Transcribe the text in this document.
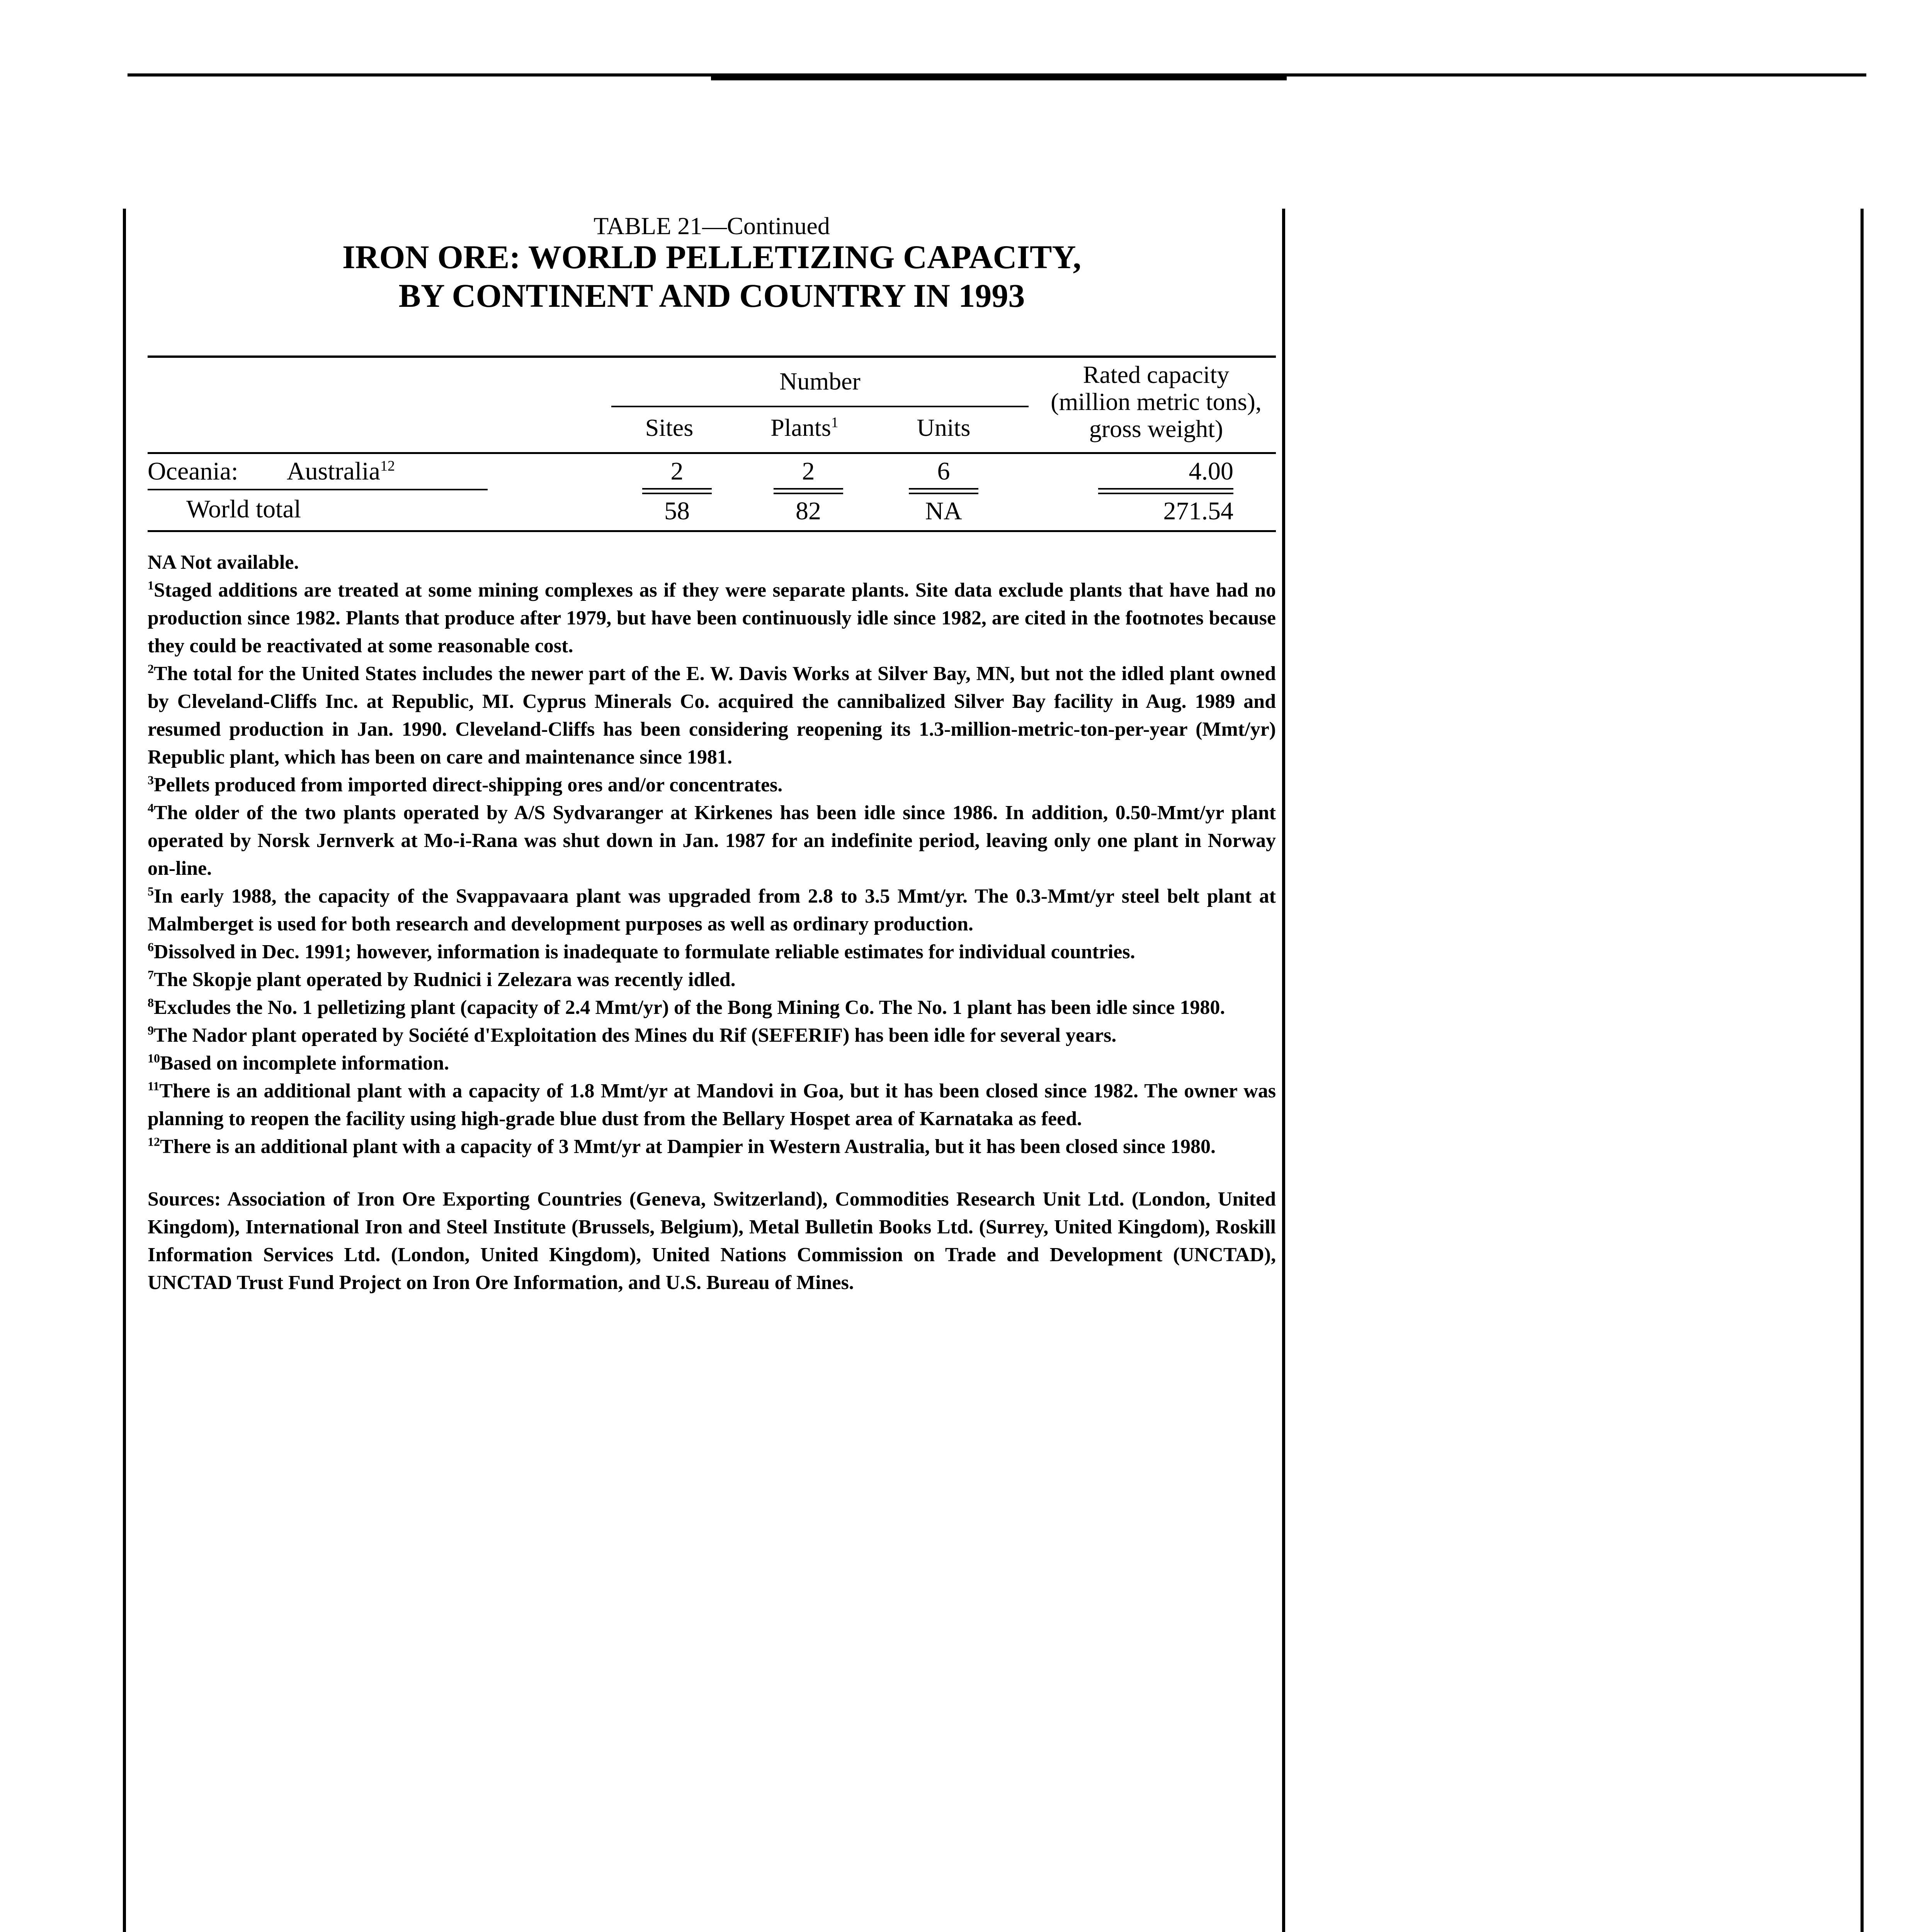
TABLE 21—Continued
IRON ORE: WORLD PELLETIZING CAPACITY,
BY CONTINENT AND COUNTRY IN 1993
Number
Sites	Plants$^1$	Units
Rated capacity
(million metric tons),
gross weight)
Oceania: Australia$^{12}$	2	2	6	4.00
World total	58	82	NA	271.54

NA Not available.

$^1$Staged additions are treated at some mining complexes as if they were separate plants. Site data exclude plants that have had no production since 1982. Plants that produce after 1979, but have been continuously idle since 1982, are cited in the footnotes because they could be reactivated at some reasonable cost.

$^2$The total for the United States includes the newer part of the E. W. Davis Works at Silver Bay, MN, but not the idled plant owned by Cleveland-Cliffs Inc. at Republic, MI. Cyprus Minerals Co. acquired the cannibalized Silver Bay facility in Aug. 1989 and resumed production in Jan. 1990. Cleveland-Cliffs has been considering reopening its 1.3-million-metric-ton-per-year (Mmt/yr) Republic plant, which has been on care and maintenance since 1981.

$^3$Pellets produced from imported direct-shipping ores and/or concentrates.

$^4$The older of the two plants operated by A/S Sydvaranger at Kirkenes has been idle since 1986. In addition, 0.50-Mmt/yr plant operated by Norsk Jernverk at Mo-i-Rana was shut down in Jan. 1987 for an indefinite period, leaving only one plant in Norway on-line.

$^5$In early 1988, the capacity of the Svappavaara plant was upgraded from 2.8 to 3.5 Mmt/yr. The 0.3-Mmt/yr steel belt plant at Malmberget is used for both research and development purposes as well as ordinary production.

$^6$Dissolved in Dec. 1991; however, information is inadequate to formulate reliable estimates for individual countries.

$^7$The Skopje plant operated by Rudnici i Zelezara was recently idled.

$^8$Excludes the No. 1 pelletizing plant (capacity of 2.4 Mmt/yr) of the Bong Mining Co. The No. 1 plant has been idle since 1980.

$^9$The Nador plant operated by Société d'Exploitation des Mines du Rif (SEFERIF) has been idle for several years.

$^{10}$Based on incomplete information.

$^{11}$There is an additional plant with a capacity of 1.8 Mmt/yr at Mandovi in Goa, but it has been closed since 1982. The owner was planning to reopen the facility using high-grade blue dust from the Bellary Hospet area of Karnataka as feed.

$^{12}$There is an additional plant with a capacity of 3 Mmt/yr at Dampier in Western Australia, but it has been closed since 1980.

Sources: Association of Iron Ore Exporting Countries (Geneva, Switzerland), Commodities Research Unit Ltd. (London, United Kingdom), International Iron and Steel Institute (Brussels, Belgium), Metal Bulletin Books Ltd. (Surrey, United Kingdom), Roskill Information Services Ltd. (London, United Kingdom), United Nations Commission on Trade and Development (UNCTAD), UNCTAD Trust Fund Project on Iron Ore Information, and U.S. Bureau of Mines.
